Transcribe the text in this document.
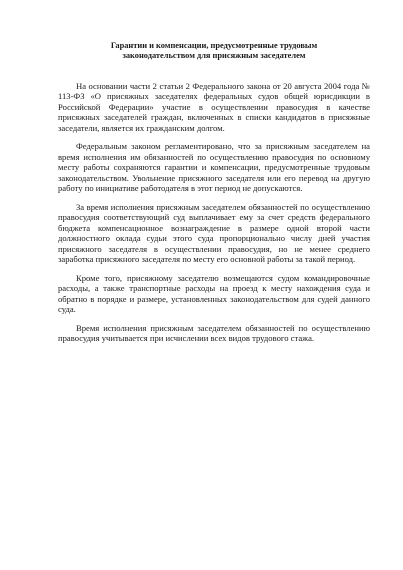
Гарантии и компенсации, предусмотренные трудовым
законодательством для присяжным заседателем

На основании части 2 статьи 2 Федерального закона от 20 августа 2004 года № 113-ФЗ «О присяжных заседателях федеральных судов общей юрисдикции в Российской Федерации» участие в осуществлении правосудия в качестве присяжных заседателей граждан, включенных в списки кандидатов в присяжные заседатели, является их гражданским долгом.

Федеральным законом регламентировано, что за присяжным заседателем на время исполнения им обязанностей по осуществлению правосудия по основному месту работы сохраняются гарантии и компенсации, предусмотренные трудовым законодательством. Увольнение присяжного заседателя или его перевод на другую работу по инициативе работодателя в этот период не допускаются.

За время исполнения присяжным заседателем обязанностей по осуществлению правосудия соответствующий суд выплачивает ему за счет средств федерального бюджета компенсационное вознаграждение в размере одной второй части должностного оклада судьи этого суда пропорционально числу дней участия присяжного заседателя в осуществлении правосудия, но не менее среднего заработка присяжного заседателя по месту его основной работы за такой период.

Кроме того, присяжному заседателю возмещаются судом командировочные расходы, а также транспортные расходы на проезд к месту нахождения суда и обратно в порядке и размере, установленных законодательством для судей данного суда.

Время исполнения присяжным заседателем обязанностей по осуществлению правосудия учитывается при исчислении всех видов трудового стажа.
